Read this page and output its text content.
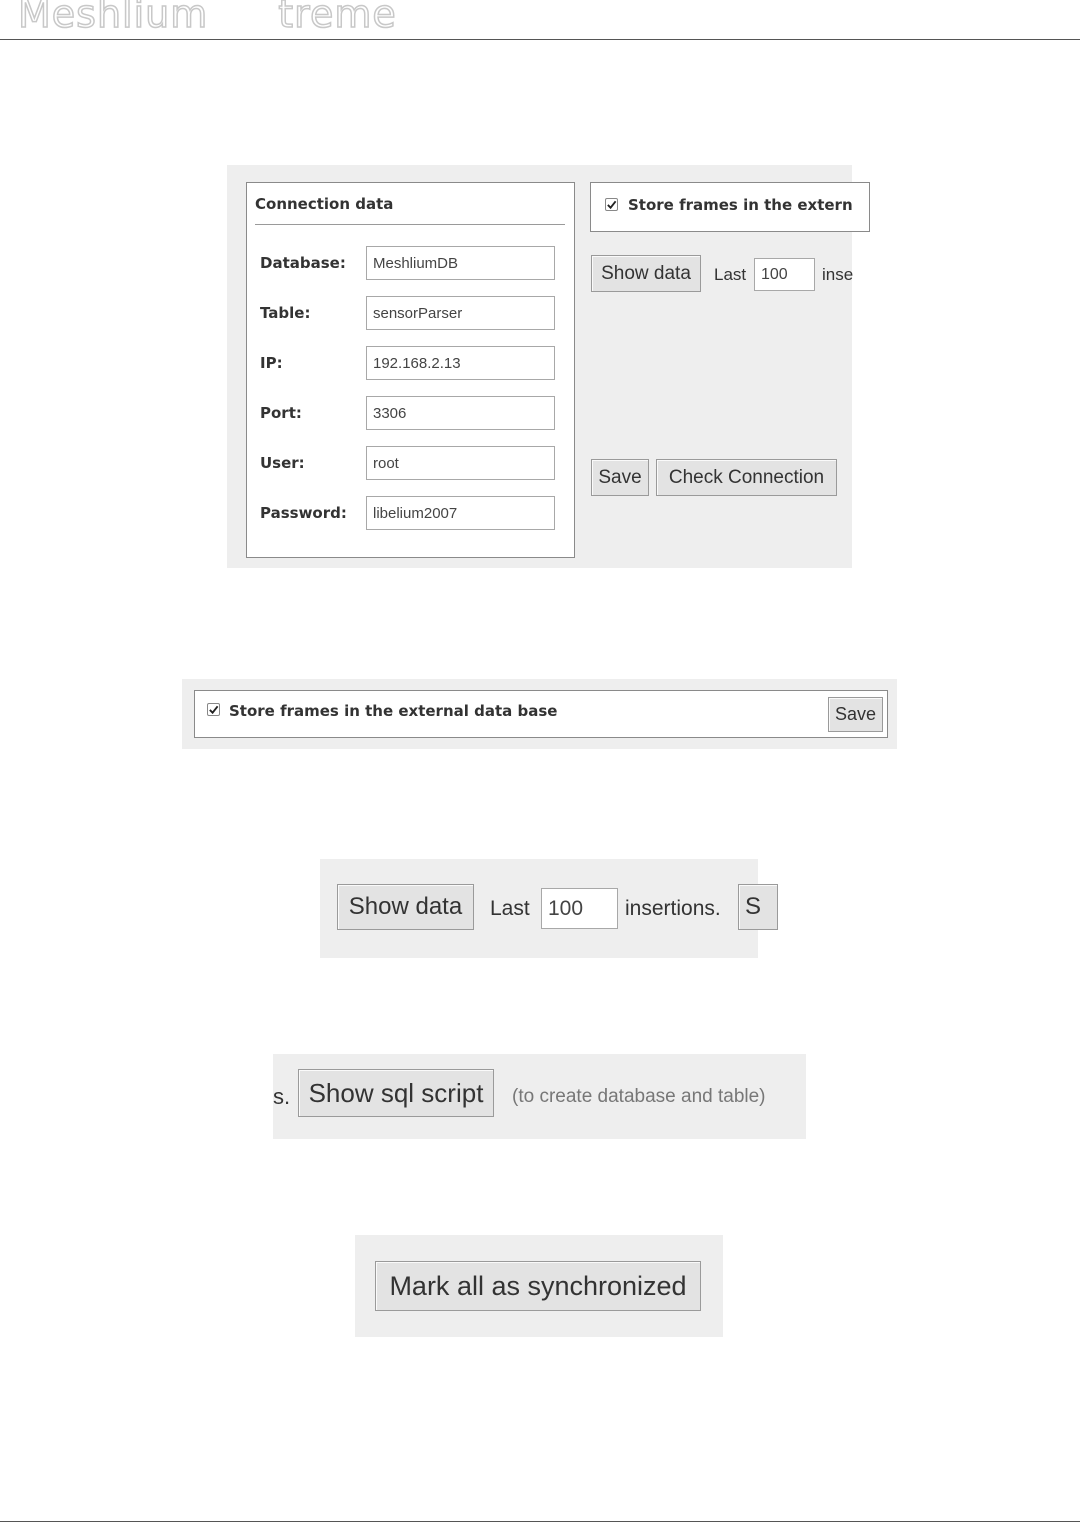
Meshlium treme
Connection data
Database:
MeshliumDB
Table:
sensorParser
IP:
192.168.2.13
Port:
3306
User:
root
Password:
libelium2007
Store frames in the extern
Show data	Last
100	inse
Save	Check Connection
Store frames in the external data base	Save
Show data	Last
100	insertions. S
s. Show sql script	(to create database and table)
Mark all as synchronized
